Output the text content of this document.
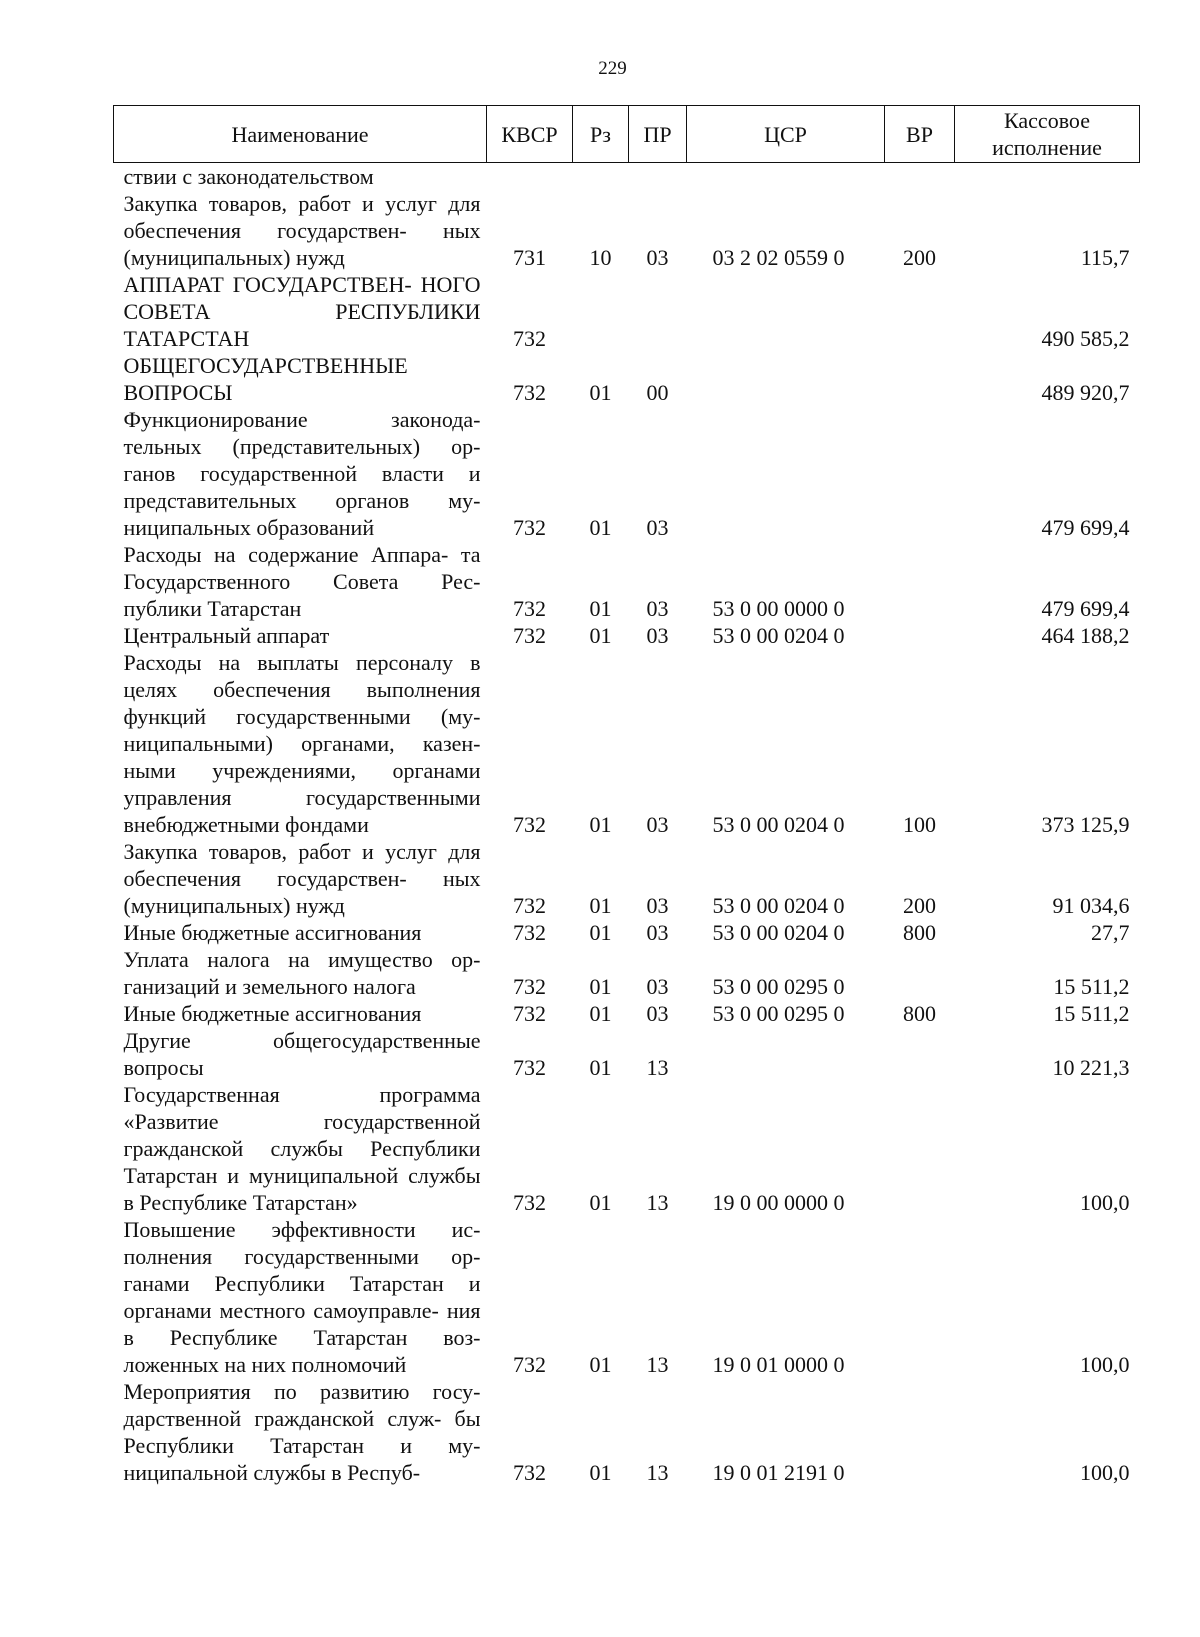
229
Наименование	КВСР	Рз	ПР	ЦСР	ВР	Кассовое исполнение
ствии с законодательством						
Закупка товаров, работ и услуг для обеспечения государствен- ных (муниципальных) нужд	731	10	03	03 2 02 0559 0	200	115,7
АППАРАТ ГОСУДАРСТВЕН- НОГО СОВЕТА РЕСПУБЛИКИ ТАТАРСТАН	732					490 585,2
ОБЩЕГОСУДАРСТВЕННЫЕ ВОПРОСЫ	732	01	00			489 920,7
Функционирование законода- тельных (представительных) ор- ганов государственной власти и представительных органов му- ниципальных образований	732	01	03			479 699,4
Расходы на содержание Аппара- та Государственного Совета Рес- публики Татарстан	732	01	03	53 0 00 0000 0		479 699,4
Центральный аппарат	732	01	03	53 0 00 0204 0		464 188,2
Расходы на выплаты персоналу в целях обеспечения выполнения функций государственными (му- ниципальными) органами, казен- ными учреждениями, органами управления государственными внебюджетными фондами	732	01	03	53 0 00 0204 0	100	373 125,9
Закупка товаров, работ и услуг для обеспечения государствен- ных (муниципальных) нужд	732	01	03	53 0 00 0204 0	200	91 034,6
Иные бюджетные ассигнования	732	01	03	53 0 00 0204 0	800	27,7
Уплата налога на имущество ор- ганизаций и земельного налога	732	01	03	53 0 00 0295 0		15 511,2
Иные бюджетные ассигнования	732	01	03	53 0 00 0295 0	800	15 511,2
Другие общегосударственные вопросы	732	01	13			10 221,3
Государственная программа «Развитие государственной гражданской службы Республики Татарстан и муниципальной службы в Республике Татарстан»	732	01	13	19 0 00 0000 0		100,0
Повышение эффективности ис- полнения государственными ор- ганами Республики Татарстан и органами местного самоуправле- ния в Республике Татарстан воз- ложенных на них полномочий	732	01	13	19 0 01 0000 0		100,0
Мероприятия по развитию госу- дарственной гражданской служ- бы Республики Татарстан и му- ниципальной службы в Респуб-	732	01	13	19 0 01 2191 0		100,0
